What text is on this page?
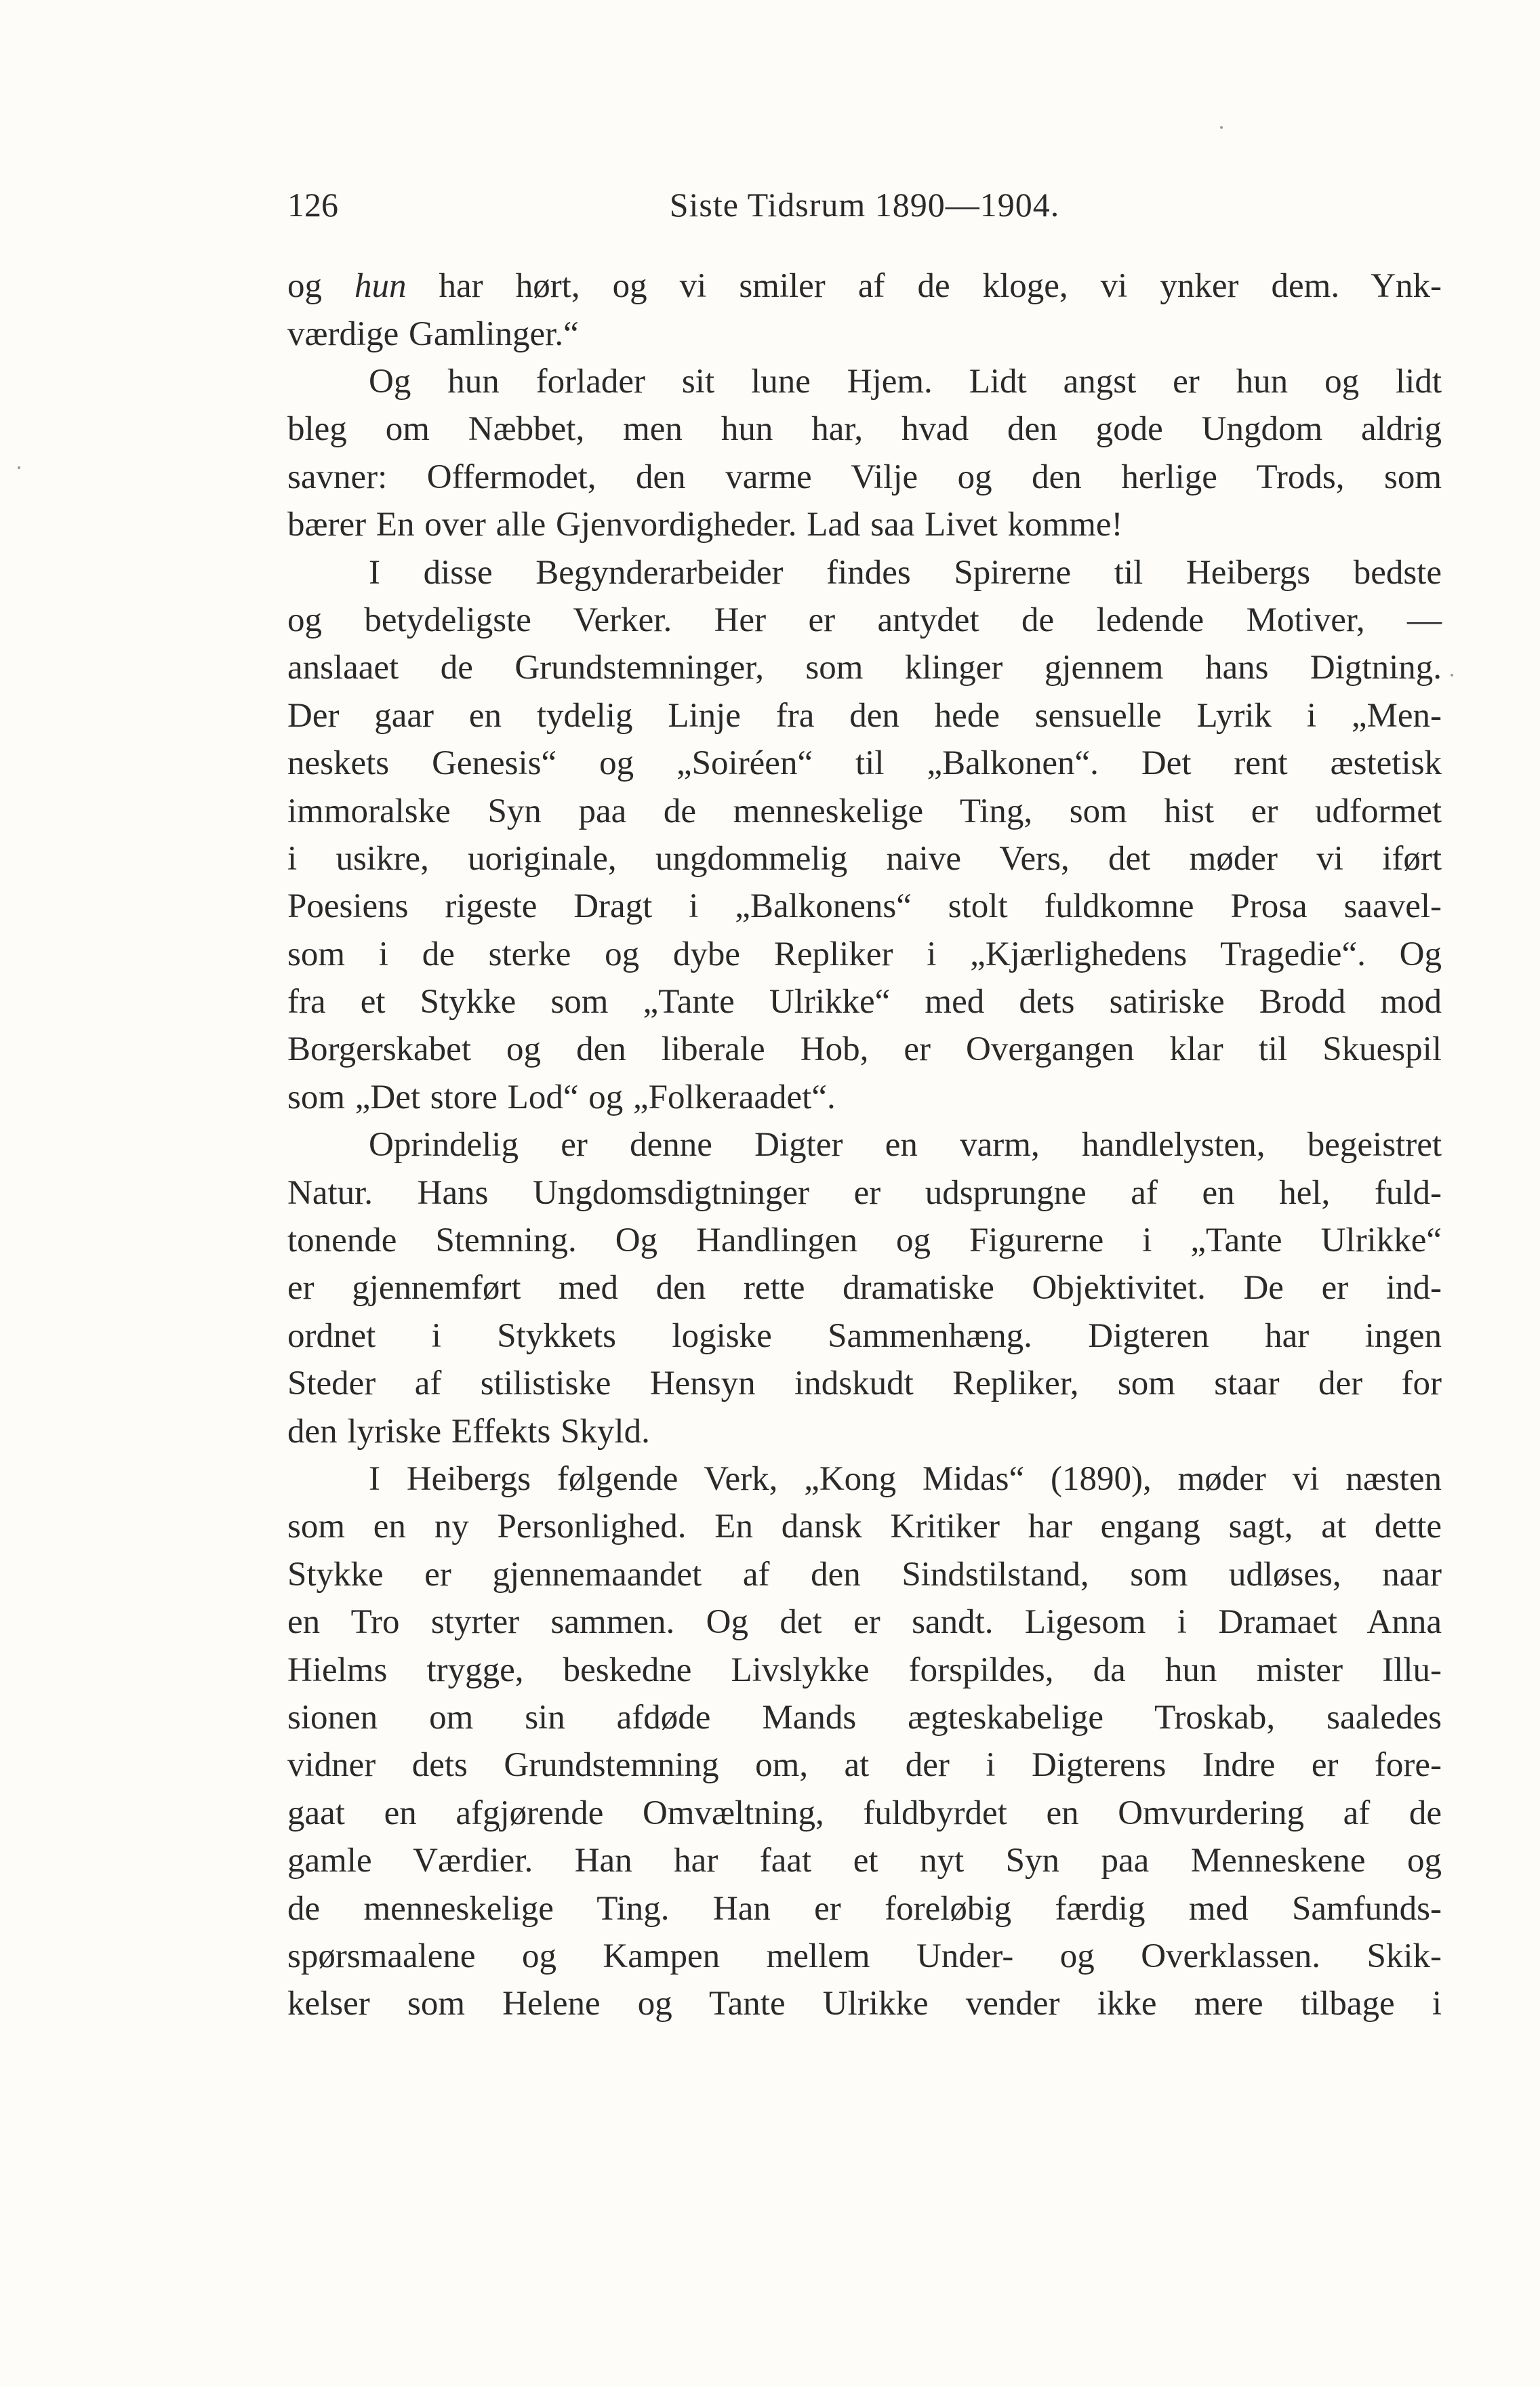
126	Siste Tidsrum 1890—1904.
og hun har hørt, og vi smiler af de kloge, vi ynker dem. Ynk-
værdige Gamlinger.“
Og hun forlader sit lune Hjem. Lidt angst er hun og lidt
bleg om Næbbet, men hun har, hvad den gode Ungdom aldrig
savner: Offermodet, den varme Vilje og den herlige Trods, som
bærer En over alle Gjenvordigheder. Lad saa Livet komme!
I disse Begynderarbeider findes Spirerne til Heibergs bedste
og betydeligste Verker. Her er antydet de ledende Motiver, —
anslaaet de Grundstemninger, som klinger gjennem hans Digtning.
Der gaar en tydelig Linje fra den hede sensuelle Lyrik i „Men-
neskets Genesis“ og „Soiréen“ til „Balkonen“. Det rent æstetisk
immoralske Syn paa de menneskelige Ting, som hist er udformet
i usikre, uoriginale, ungdommelig naive Vers, det møder vi iført
Poesiens rigeste Dragt i „Balkonens“ stolt fuldkomne Prosa saavel-
som i de sterke og dybe Repliker i „Kjærlighedens Tragedie“. Og
fra et Stykke som „Tante Ulrikke“ med dets satiriske Brodd mod
Borgerskabet og den liberale Hob, er Overgangen klar til Skuespil
som „Det store Lod“ og „Folkeraadet“.
Oprindelig er denne Digter en varm, handlelysten, begeistret
Natur. Hans Ungdomsdigtninger er udsprungne af en hel, fuld-
tonende Stemning. Og Handlingen og Figurerne i „Tante Ulrikke“
er gjennemført med den rette dramatiske Objektivitet. De er ind-
ordnet i Stykkets logiske Sammenhæng. Digteren har ingen
Steder af stilistiske Hensyn indskudt Repliker, som staar der for
den lyriske Effekts Skyld.
I Heibergs følgende Verk, „Kong Midas“ (1890), møder vi næsten
som en ny Personlighed. En dansk Kritiker har engang sagt, at dette
Stykke er gjennemaandet af den Sindstilstand, som udløses, naar
en Tro styrter sammen. Og det er sandt. Ligesom i Dramaet Anna
Hielms trygge, beskedne Livslykke forspildes, da hun mister Illu-
sionen om sin afdøde Mands ægteskabelige Troskab, saaledes
vidner dets Grundstemning om, at der i Digterens Indre er fore-
gaat en afgjørende Omvæltning, fuldbyrdet en Omvurdering af de
gamle Værdier. Han har faat et nyt Syn paa Menneskene og
de menneskelige Ting. Han er foreløbig færdig med Samfunds-
spørsmaalene og Kampen mellem Under- og Overklassen. Skik-
kelser som Helene og Tante Ulrikke vender ikke mere tilbage i
